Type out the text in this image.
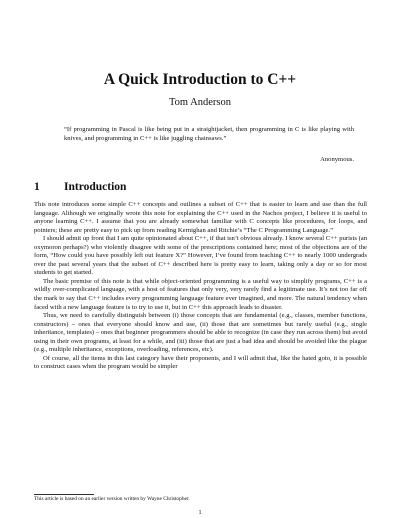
A Quick Introduction to C++
Tom Anderson
“If programming in Pascal is like being put in a straightjacket, then programming in C is like playing with knives, and programming in C++ is like juggling chainsaws.”
Anonymous.
1 Introduction

This note introduces some simple C++ concepts and outlines a subset of C++ that is easier to learn and use than the full language. Although we originally wrote this note for explaining the C++ used in the Nachos project, I believe it is useful to anyone learning C++. I assume that you are already somewhat familiar with C concepts like procedures, for loops, and pointers; these are pretty easy to pick up from reading Kernighan and Ritchie’s “The C Programming Language.”

I should admit up front that I am quite opinionated about C++, if that isn’t obvious already. I know several C++ purists (an oxymoron perhaps?) who violently disagree with some of the prescriptions contained here; most of the objections are of the form, “How could you have possibly left out feature X?” However, I’ve found from teaching C++ to nearly 1000 undergrads over the past several years that the subset of C++ described here is pretty easy to learn, taking only a day or so for most students to get started.

The basic premise of this note is that while object-oriented programming is a useful way to simplify programs, C++ is a wildly over-complicated language, with a host of features that only very, very rarely find a legitimate use. It’s not too far off the mark to say that C++ includes every programming language feature ever imagined, and more. The natural tendency when faced with a new language feature is to try to use it, but in C++ this approach leads to disaster.

Thus, we need to carefully distinguish between (i) those concepts that are fundamental (e.g., classes, member functions, constructors) – ones that everyone should know and use, (ii) those that are sometimes but rarely useful (e.g., single inheritance, templates) – ones that beginner programmers should be able to recognize (in case they run across them) but avoid using in their own programs, at least for a while, and (iii) those that are just a bad idea and should be avoided like the plague (e.g., multiple inheritance, exceptions, overloading, references, etc).

Of course, all the items in this last category have their proponents, and I will admit that, like the hated goto, it is possible to construct cases when the program would be simpler

This article is based on an earlier version written by Wayne Christopher.
1
